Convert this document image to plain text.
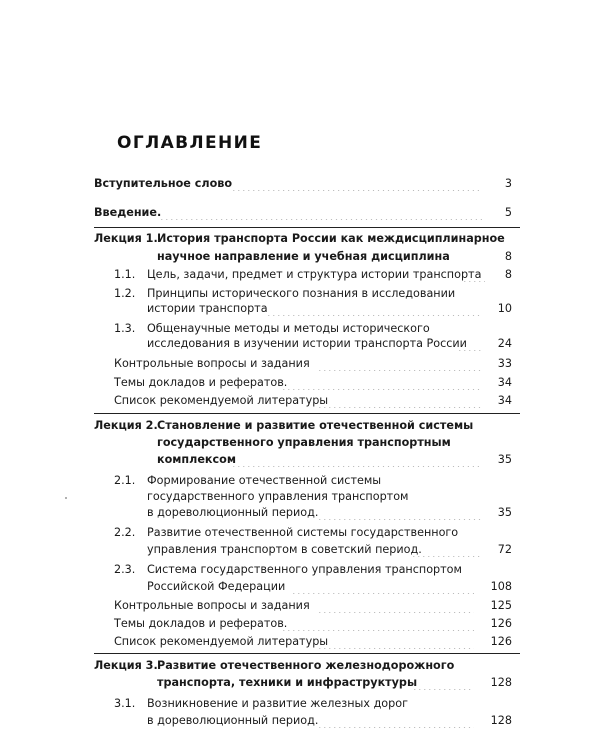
ОГЛАВЛЕНИЕ
Вступительное слово . . .	3
Введение. . . .	5
Лекция 1. История транспорта России как междисциплинарное
научное направление и учебная дисциплина	8
1.1. Цель, задачи, предмет и структура истории транспорта . . .	8
1.2. Принципы исторического познания в исследовании
истории транспорта . . .	10
1.3. Общенаучные методы и методы исторического
исследования в изучении истории транспорта России . . .	24
Контрольные вопросы и задания . . .	33
Темы докладов и рефератов. . . .	34
Список рекомендуемой литературы . . .	34
Лекция 2. Становление и развитие отечественной системы
государственного управления транспортным
комплексом . . .	35
2.1. Формирование отечественной системы
государственного управления транспортом
в дореволюционный период. . . .	35
2.2. Развитие отечественной системы государственного
управления транспортом в советский период. . . .	72
2.3. Система государственного управления транспортом
Российской Федерации . . .	108
Контрольные вопросы и задания . . .	125
Темы докладов и рефератов. . . .	126
Список рекомендуемой литературы . . .	126
Лекция 3. Развитие отечественного железнодорожного
транспорта, техники и инфраструктуры . . .	128
3.1. Возникновение и развитие железных дорог
в дореволюционный период. . . .	128
